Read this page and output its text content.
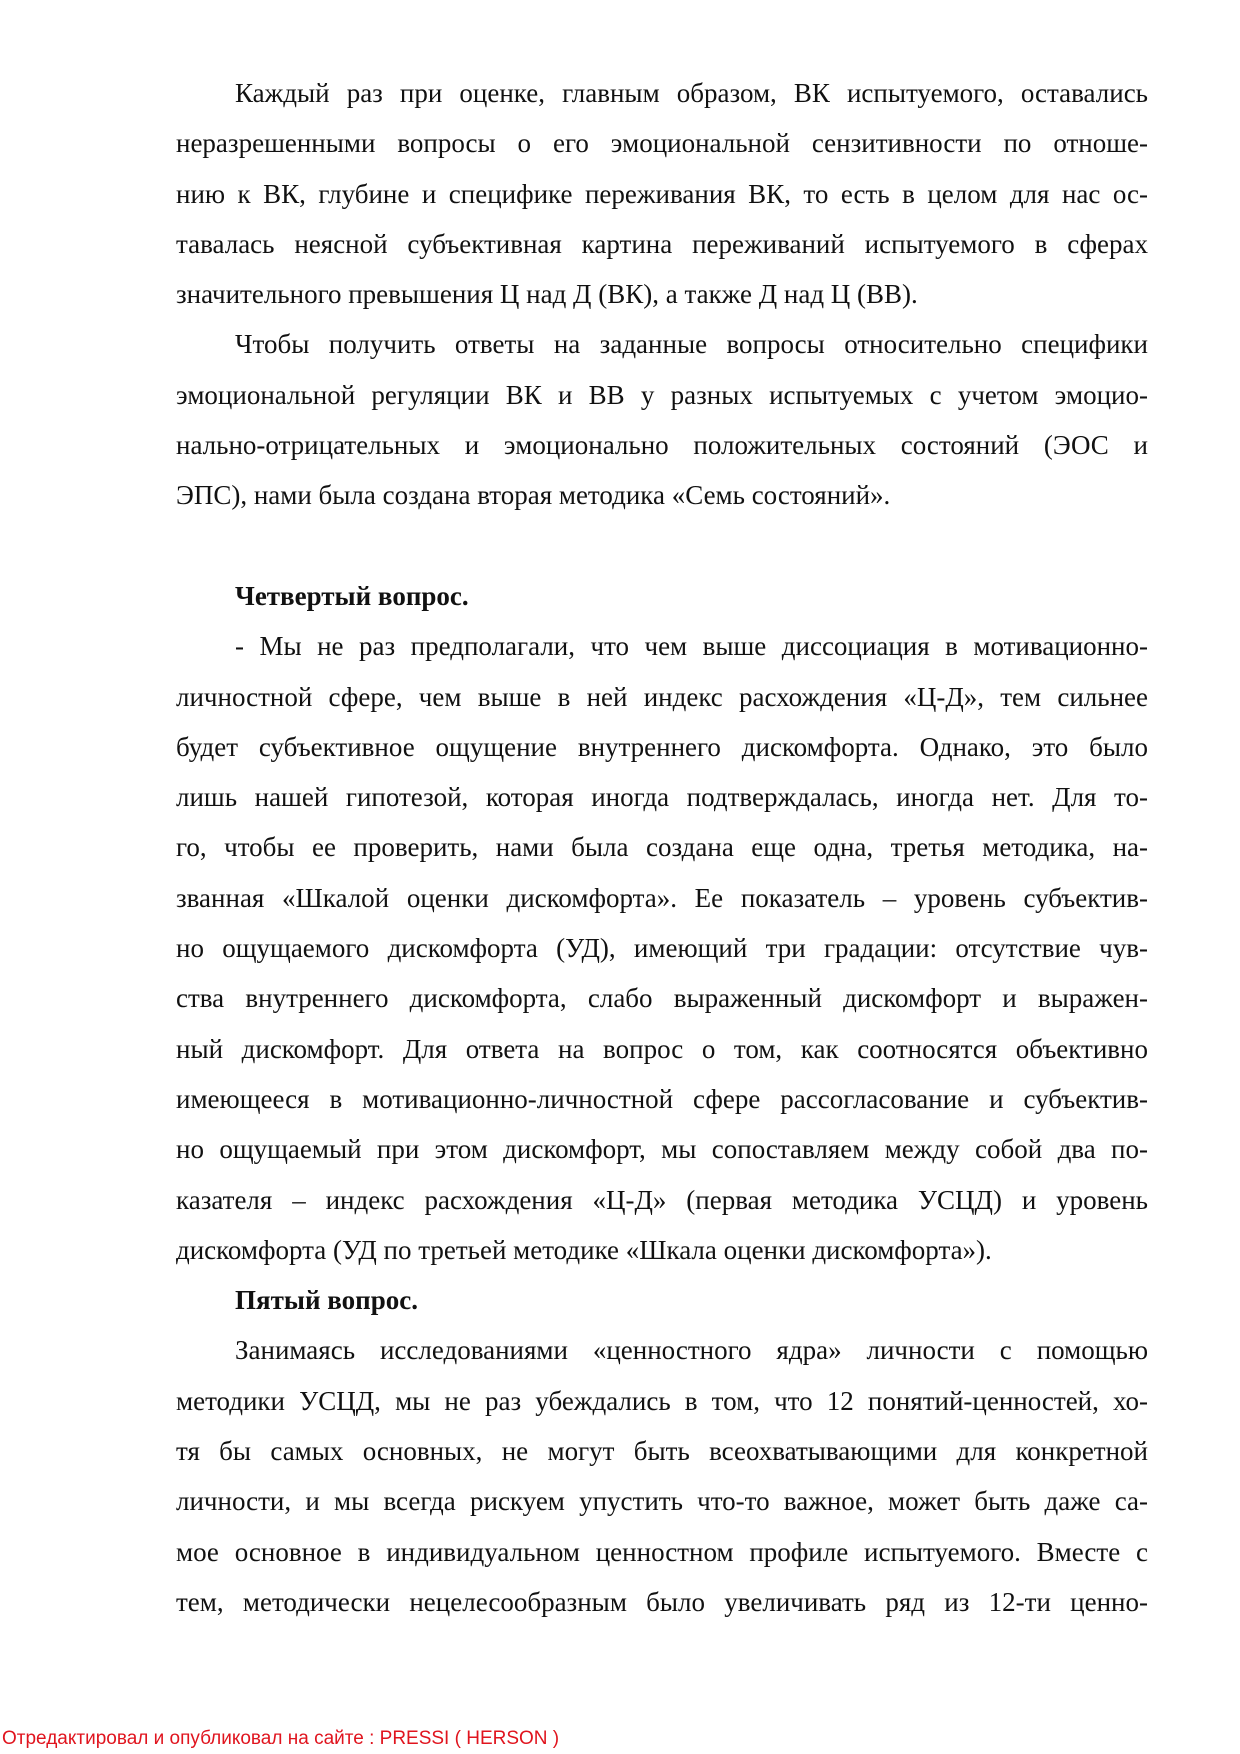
Каждый раз при оценке, главным образом, ВК испытуемого, оставались
неразрешенными вопросы о его эмоциональной сензитивности по отноше-
нию к ВК, глубине и специфике переживания ВК, то есть в целом для нас ос-
тавалась неясной субъективная картина переживаний испытуемого в сферах
значительного превышения Ц над Д (ВК), а также Д над Ц (ВВ).
Чтобы получить ответы на заданные вопросы относительно специфики
эмоциональной регуляции ВК и ВВ у разных испытуемых с учетом эмоцио-
нально-отрицательных и эмоционально положительных состояний (ЭОС и
ЭПС), нами была создана вторая методика «Семь состояний».
Четвертый вопрос.
- Мы не раз предполагали, что чем выше диссоциация в мотивационно-
личностной сфере, чем выше в ней индекс расхождения «Ц-Д», тем сильнее
будет субъективное ощущение внутреннего дискомфорта. Однако, это было
лишь нашей гипотезой, которая иногда подтверждалась, иногда нет. Для то-
го, чтобы ее проверить, нами была создана еще одна, третья методика, на-
званная «Шкалой оценки дискомфорта». Ее показатель – уровень субъектив-
но ощущаемого дискомфорта (УД), имеющий три градации: отсутствие чув-
ства внутреннего дискомфорта, слабо выраженный дискомфорт и выражен-
ный дискомфорт. Для ответа на вопрос о том, как соотносятся объективно
имеющееся в мотивационно-личностной сфере рассогласование и субъектив-
но ощущаемый при этом дискомфорт, мы сопоставляем между собой два по-
казателя – индекс расхождения «Ц-Д» (первая методика УСЦД) и уровень
дискомфорта (УД по третьей методике «Шкала оценки дискомфорта»).
Пятый вопрос.
Занимаясь исследованиями «ценностного ядра» личности с помощью
методики УСЦД, мы не раз убеждались в том, что 12 понятий-ценностей, хо-
тя бы самых основных, не могут быть всеохватывающими для конкретной
личности, и мы всегда рискуем упустить что-то важное, может быть даже са-
мое основное в индивидуальном ценностном профиле испытуемого. Вместе с
тем, методически нецелесообразным было увеличивать ряд из 12-ти ценно-
Отредактировал и опубликовал на сайте : PRESSI ( HERSON )
